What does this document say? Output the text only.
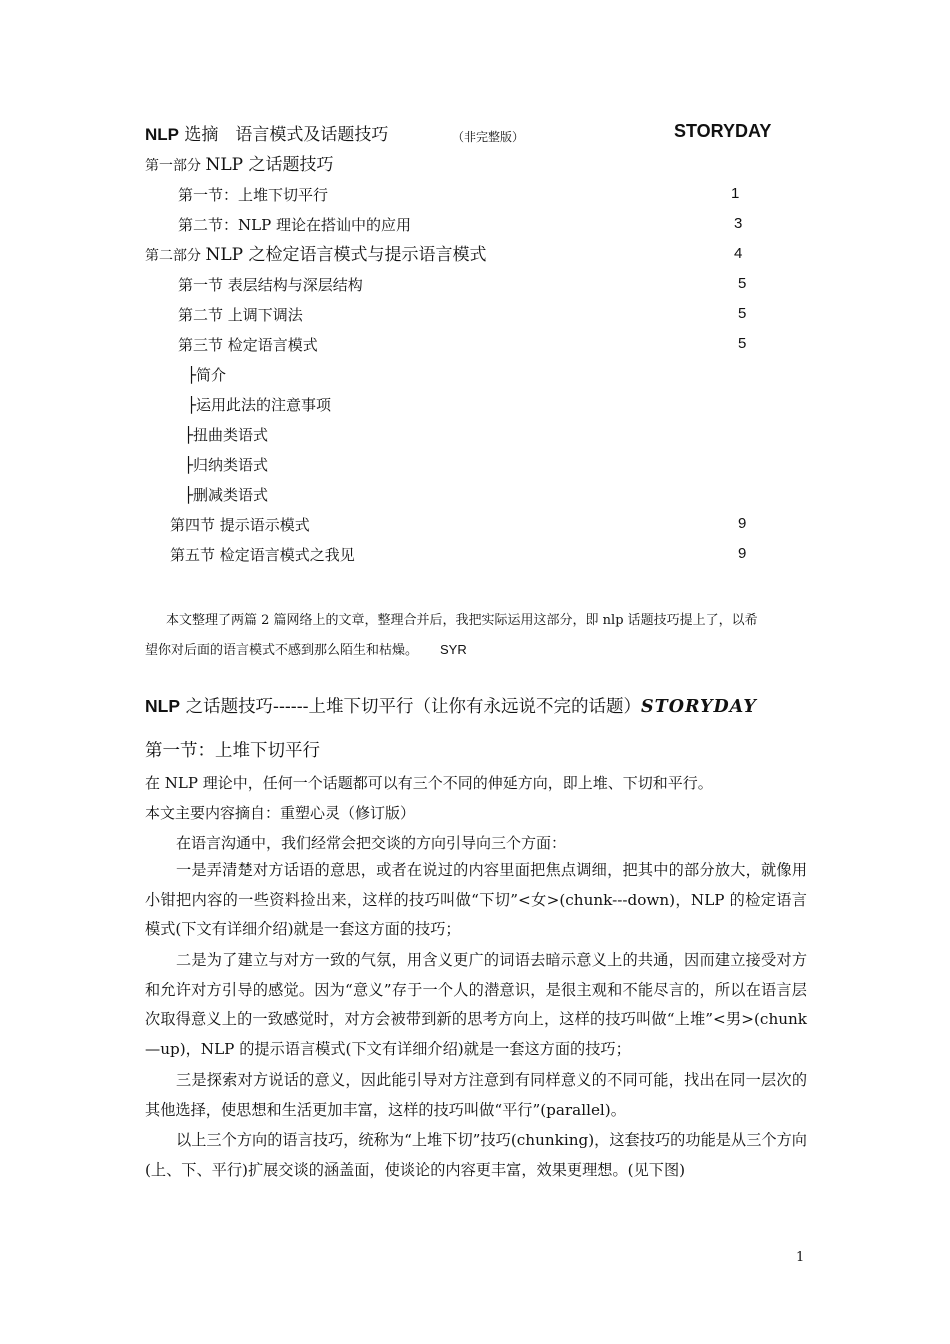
NLP 选摘　语言模式及话题技巧	（非完整版）	STORYDAY
第一部分 NLP 之话题技巧
第一节：上堆下切平行	1
第二节：NLP 理论在搭讪中的应用	3
第二部分 NLP 之检定语言模式与提示语言模式	4
第一节 表层结构与深层结构	5
第二节 上调下调法	5
第三节 检定语言模式	5
├简介
├运用此法的注意事项
├扭曲类语式
├归纳类语式
├删减类语式
第四节 提示语示模式	9
第五节 检定语言模式之我见	9
本文整理了两篇 2 篇网络上的文章，整理合并后，我把实际运用这部分，即 nlp 话题技巧提上了，以希
望你对后面的语言模式不感到那么陌生和枯燥。 SYR
NLP 之话题技巧------上堆下切平行（让你有永远说不完的话题）STORYDAY
第一节：上堆下切平行
在 NLP 理论中，任何一个话题都可以有三个不同的伸延方向，即上堆、下切和平行。
本文主要内容摘自：重塑心灵（修订版）
在语言沟通中，我们经常会把交谈的方向引导向三个方面：
一是弄清楚对方话语的意思，或者在说过的内容里面把焦点调细，把其中的部分放大，就像用小钳把内容的一些资料捡出来，这样的技巧叫做“下切”<女>(chunk---down)，NLP 的检定语言模式(下文有详细介绍)就是一套这方面的技巧；
二是为了建立与对方一致的气氛，用含义更广的词语去暗示意义上的共通，因而建立接受对方和允许对方引导的感觉。因为“意义”存于一个人的潜意识，是很主观和不能尽言的，所以在语言层次取得意义上的一致感觉时，对方会被带到新的思考方向上，这样的技巧叫做“上堆”<男>(chunk—up)，NLP 的提示语言模式(下文有详细介绍)就是一套这方面的技巧；
三是探索对方说话的意义，因此能引导对方注意到有同样意义的不同可能，找出在同一层次的其他选择，使思想和生活更加丰富，这样的技巧叫做“平行”(parallel)。
以上三个方向的语言技巧，统称为“上堆下切”技巧(chunking)，这套技巧的功能是从三个方向(上、下、平行)扩展交谈的涵盖面，使谈论的内容更丰富，效果更理想。(见下图)
1
